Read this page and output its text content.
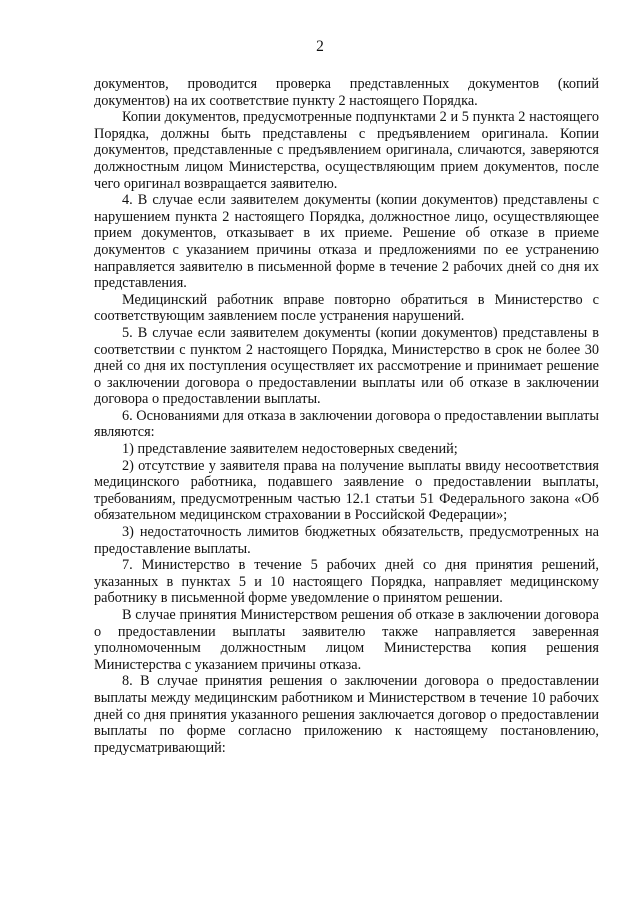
2

документов, проводится проверка представленных документов (копий документов) на их соответствие пункту 2 настоящего Порядка.

Копии документов, предусмотренные подпунктами 2 и 5 пункта 2 настоящего Порядка, должны быть представлены с предъявлением оригинала. Копии документов, представленные с предъявлением оригинала, сличаются, заверяются должностным лицом Министерства, осуществляющим прием документов, после чего оригинал возвращается заявителю.

4. В случае если заявителем документы (копии документов) представлены с нарушением пункта 2 настоящего Порядка, должностное лицо, осуществляющее прием документов, отказывает в их приеме. Решение об отказе в приеме документов с указанием причины отказа и предложениями по ее устранению направляется заявителю в письменной форме в течение 2 рабочих дней со дня их представления.

Медицинский работник вправе повторно обратиться в Министерство с соответствующим заявлением после устранения нарушений.

5. В случае если заявителем документы (копии документов) представлены в соответствии с пунктом 2 настоящего Порядка, Министерство в срок не более 30 дней со дня их поступления осуществляет их рассмотрение и принимает решение о заключении договора о предоставлении выплаты или об отказе в заключении договора о предоставлении выплаты.

6. Основаниями для отказа в заключении договора о предоставлении выплаты являются:

1) представление заявителем недостоверных сведений;

2) отсутствие у заявителя права на получение выплаты ввиду несоответствия медицинского работника, подавшего заявление о предоставлении выплаты, требованиям, предусмотренным частью 12.1 статьи 51 Федерального закона «Об обязательном медицинском страховании в Российской Федерации»;

3) недостаточность лимитов бюджетных обязательств, предусмотренных на предоставление выплаты.

7. Министерство в течение 5 рабочих дней со дня принятия решений, указанных в пунктах 5 и 10 настоящего Порядка, направляет медицинскому работнику в письменной форме уведомление о принятом решении.

В случае принятия Министерством решения об отказе в заключении договора о предоставлении выплаты заявителю также направляется заверенная уполномоченным должностным лицом Министерства копия решения Министерства с указанием причины отказа.

8. В случае принятия решения о заключении договора о предоставлении выплаты между медицинским работником и Министерством в течение 10 рабочих дней со дня принятия указанного решения заключается договор о предоставлении выплаты по форме согласно приложению к настоящему постановлению, предусматривающий:
